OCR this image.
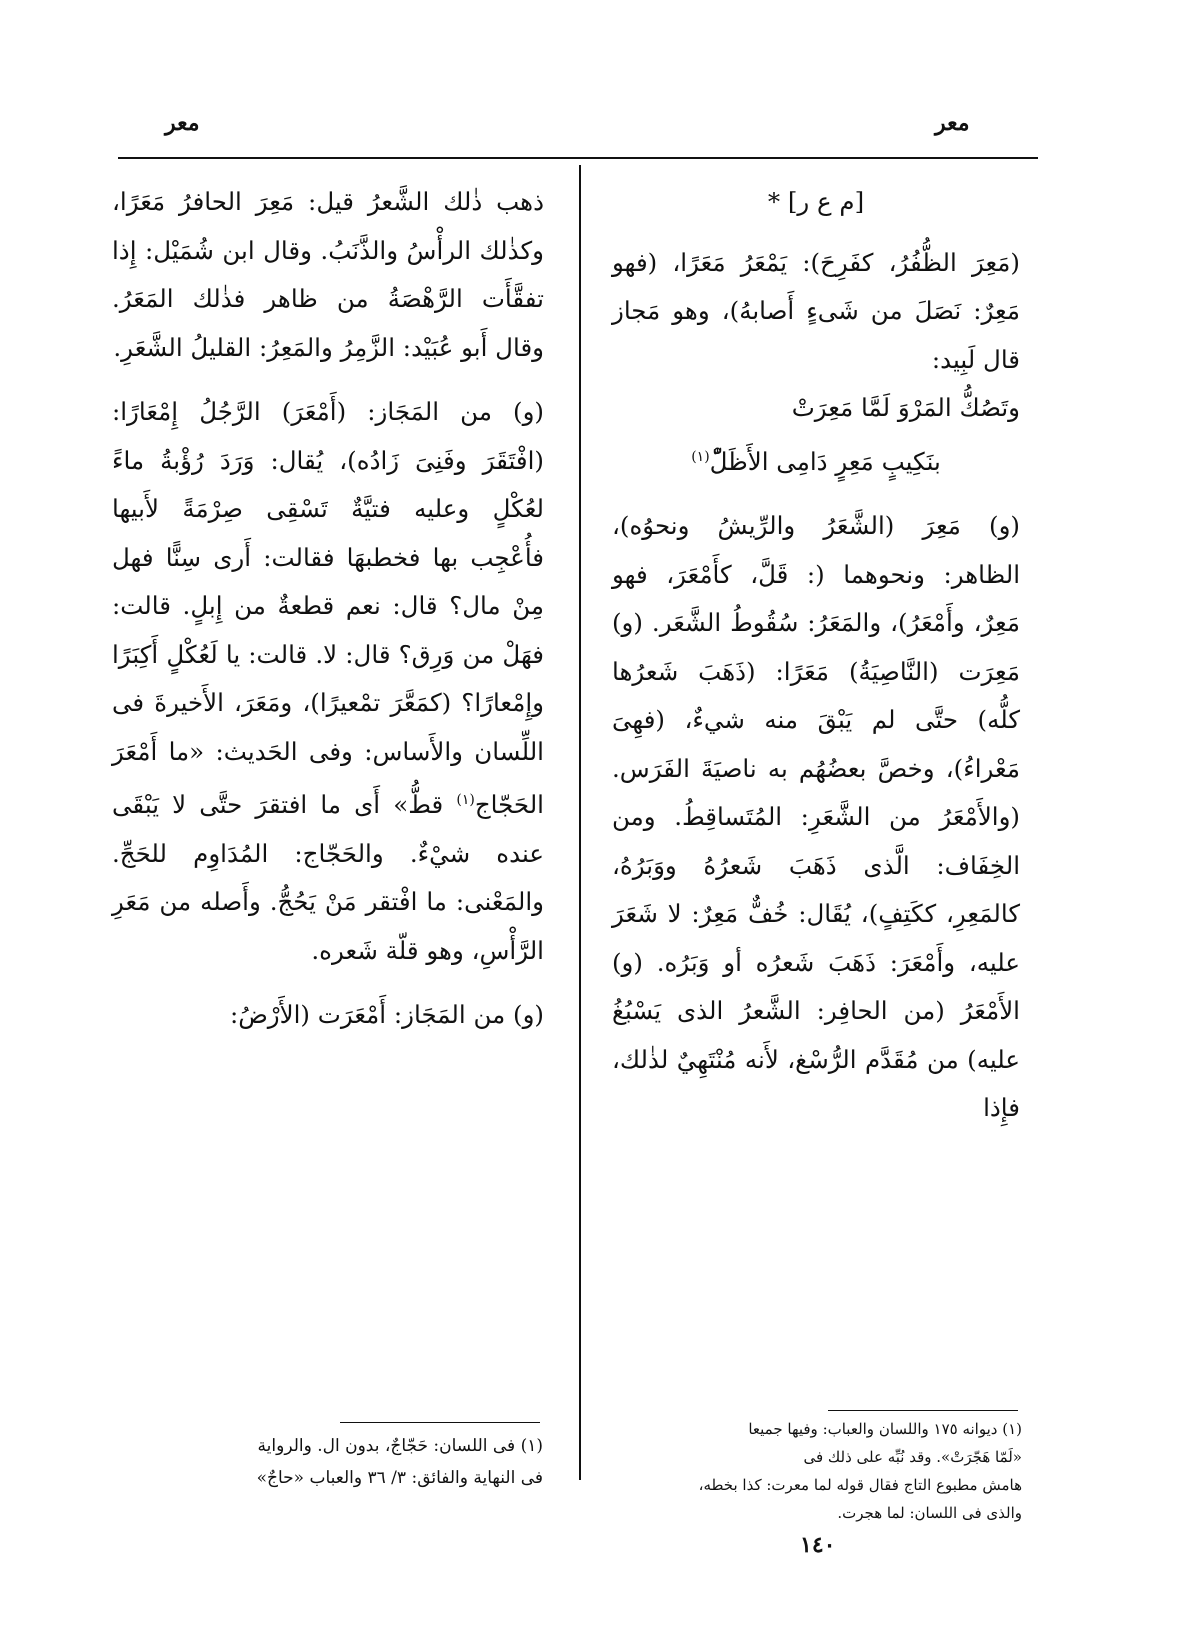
معر
معر

[م ع ر] *

(مَعِرَ الظُّفُرُ، كفَرِحَ): يَمْعَرُ مَعَرًا، (فهو مَعِرٌ: نَصَلَ من شَىءٍ أَصابهُ)، وهو مَجاز قال لَبِيد:

وتَصُكُّ المَرْوَ لَمَّا مَعِرَتْ

بنَكِيبٍ مَعِرٍ دَامِى الأَظَلّْ$^{(١)}$

(و) مَعِرَ (الشَّعَرُ والرِّيشُ ونحوُه)، الظاهر: ونحوهما (: قَلَّ، كأَمْعَرَ، فهو مَعِرٌ، وأَمْعَرُ)، والمَعَرُ: سُقُوطُ الشَّعَر. (و) مَعِرَت (النَّاصِيَةُ) مَعَرًا: (ذَهَبَ شَعرُها كلُّه) حتَّى لم يَبْقَ منه شيءٌ، (فهِىَ مَعْراءُ)، وخصَّ بعضُهُم به ناصيَةَ الفَرَس. (والأَمْعَرُ من الشَّعَرِ: المُتَساقِطُ. ومن الخِفَاف: الَّذى ذَهَبَ شَعرُهُ ووَبَرُهُ، كالمَعِرِ، ككَتِفٍ)، يُقَال: خُفٌّ مَعِرٌ: لا شَعَرَ عليه، وأَمْعَرَ: ذَهَبَ شَعرُه أو وَبَرُه. (و) الأَمْعَرُ (من الحافِر: الشَّعرُ الذى يَسْبُغُ عليه) من مُقَدَّم الرُّسْغ، لأَنه مُنْتَهِيٌ لذٰلك، فإِذا

ذهب ذٰلك الشَّعرُ قيل: مَعِرَ الحافرُ مَعَرًا، وكذٰلك الرأْسُ والذَّنَبُ. وقال ابن شُمَيْل: إِذا تفقَّأَت الرَّهْصَةُ من ظاهر فذٰلك المَعَرُ. وقال أَبو عُبَيْد: الزَّمِرُ والمَعِرُ: القليلُ الشَّعَرِ.

(و) من المَجَاز: (أَمْعَرَ) الرَّجُلُ إِمْعَارًا: (افْتَقَرَ وفَنِىَ زَادُه)، يُقال: وَرَدَ رُؤْبةُ ماءً لعُكْلٍ وعليه فتيَّةٌ تَسْقِى صِرْمَةً لأَبيها فأُعْجِب بها فخطبهَا فقالت: أَرى سِنًّا فهل مِنْ مال؟ قال: نعم قطعةٌ من إِبلٍ. قالت: فهَلْ من وَرِق؟ قال: لا. قالت: يا لَعُكْلٍ أَكِبَرًا وإِمْعارًا؟ (كمَعَّرَ تمْعيرًا)، ومَعَرَ، الأَخيرةَ فى اللِّسان والأَساس: وفى الحَديث: «ما أَمْعَرَ الحَجّاج$^{(١)}$ قطُّ» أَى ما افتقرَ حتَّى لا يَبْقَى عنده شيْءٌ. والحَجّاج: المُدَاوِم للحَجِّ. والمَعْنى: ما افْتقر مَنْ يَحُجُّ. وأَصله من مَعَرِ الرَّأْسِ، وهو قلّة شَعره.

(و) من المَجَاز: أَمْعَرَت (الأَرْضُ:

(١) ديوانه ١٧٥ واللسان والعباب: وفيها جميعا

«لَمّا هَجّرَتْ». وقد نُبِّه على ذلك فى

هامش مطبوع التاج فقال قوله لما معرت: كذا بخطه،

والذى فى اللسان: لما هجرت.

(١) فى اللسان: حَجّاجٌ، بدون ال. والرواية

فى النهاية والفائق: ٣/ ٣٦ والعباب «حاجٌ»

١٤٠
